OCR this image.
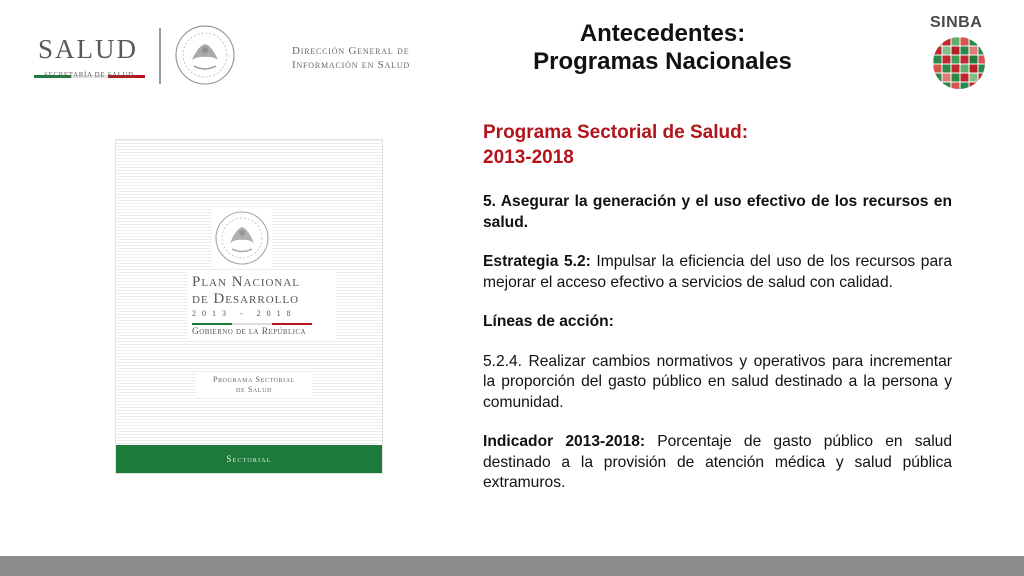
SALUD
SECRETARÍA DE SALUD
Dirección General de
Información en Salud
Antecedentes:
Programas Nacionales
SINBA
Plan Nacional
de Desarrollo
2013 - 2018
Gobierno de la República
Programa Sectorial
de Salud
Sectorial
Programa Sectorial de Salud:
2013-2018

5. Asegurar la generación y el uso efectivo de los recursos en salud.

Estrategia 5.2: Impulsar la eficiencia del uso de los recursos para mejorar el acceso efectivo a servicios de salud con calidad.

Líneas de acción:

5.2.4. Realizar cambios normativos y operativos para incrementar la proporción del gasto público en salud destinado a la persona y comunidad.

Indicador 2013-2018: Porcentaje de gasto público en salud destinado a la provisión de atención médica y salud pública extramuros.
